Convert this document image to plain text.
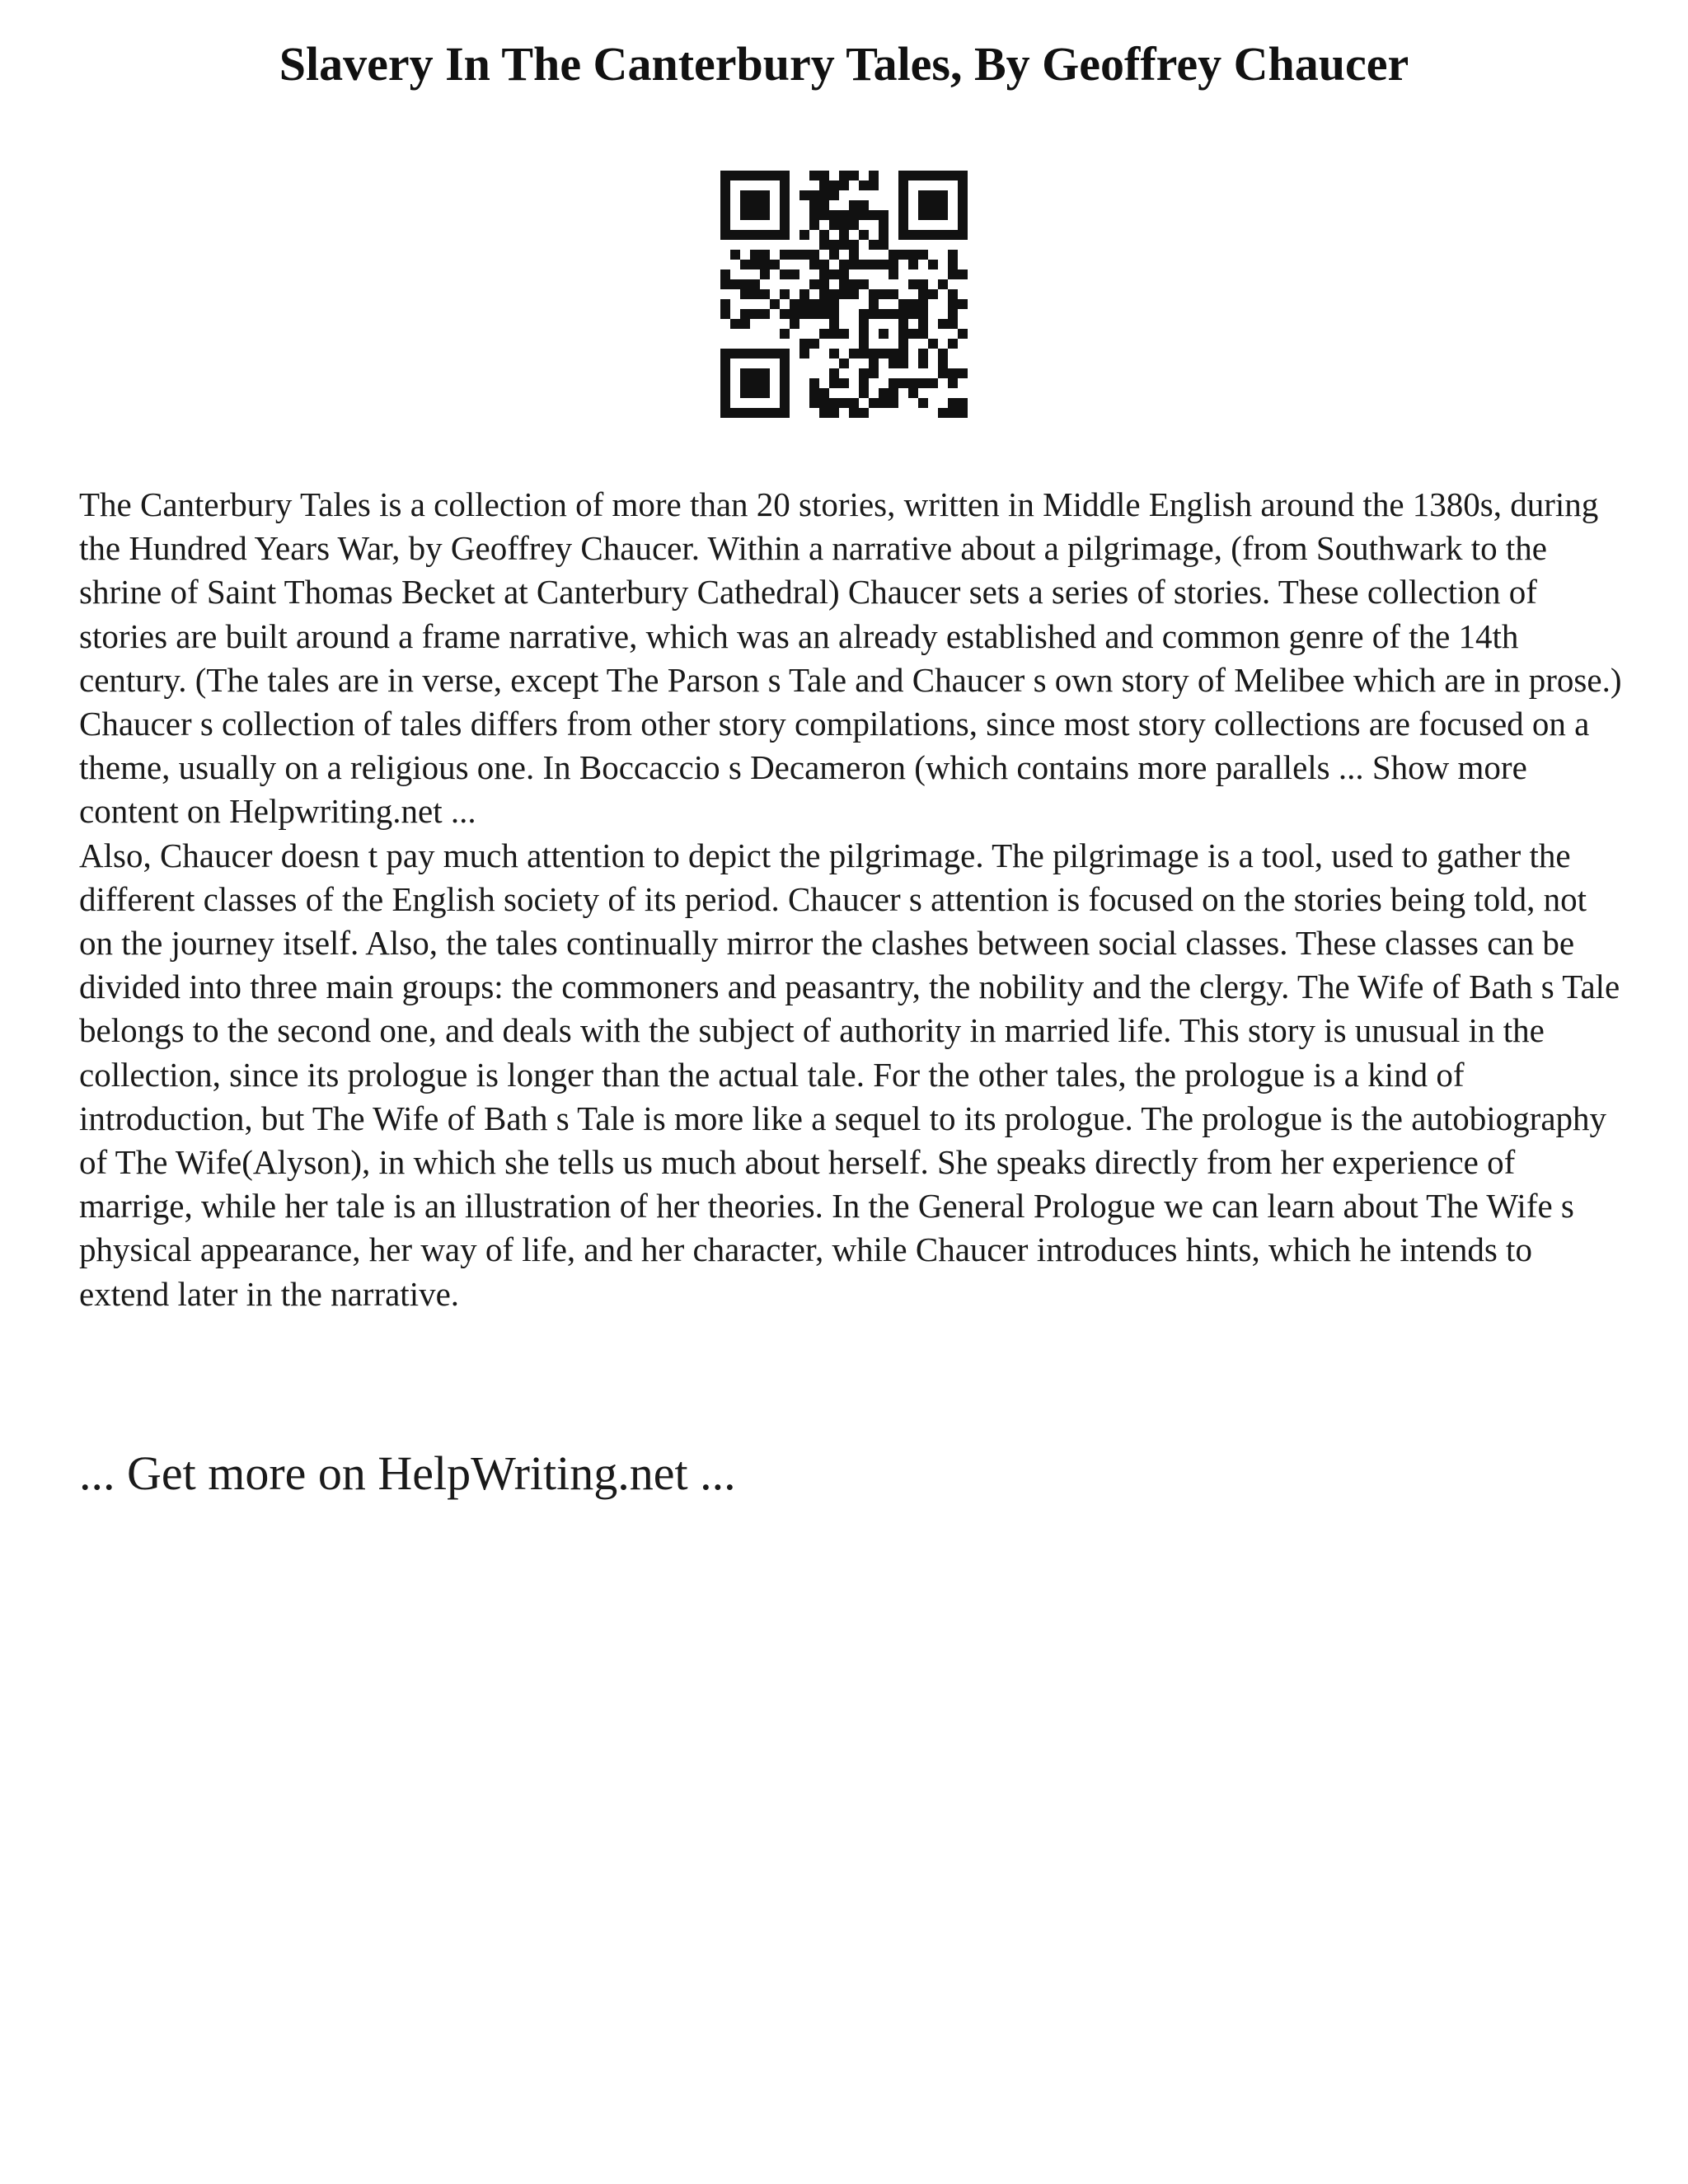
Slavery In The Canterbury Tales, By Geoffrey Chaucer

The Canterbury Tales is a collection of more than 20 stories, written in Middle English around the 1380s, during the Hundred Years War, by Geoffrey Chaucer. Within a narrative about a pilgrimage, (from Southwark to the shrine of Saint Thomas Becket at Canterbury Cathedral) Chaucer sets a series of stories. These collection of stories are built around a frame narrative, which was an already established and common genre of the 14th century. (The tales are in verse, except The Parson s Tale and Chaucer s own story of Melibee which are in prose.) Chaucer s collection of tales differs from other story compilations, since most story collections are focused on a theme, usually on a religious one. In Boccaccio s Decameron (which contains more parallels ... Show more content on Helpwriting.net ...

Also, Chaucer doesn t pay much attention to depict the pilgrimage. The pilgrimage is a tool, used to gather the different classes of the English society of its period. Chaucer s attention is focused on the stories being told, not on the journey itself. Also, the tales continually mirror the clashes between social classes. These classes can be divided into three main groups: the commoners and peasantry, the nobility and the clergy. The Wife of Bath s Tale belongs to the second one, and deals with the subject of authority in married life. This story is unusual in the collection, since its prologue is longer than the actual tale. For the other tales, the prologue is a kind of introduction, but The Wife of Bath s Tale is more like a sequel to its prologue. The prologue is the autobiography of The Wife(Alyson), in which she tells us much about herself. She speaks directly from her experience of marrige, while her tale is an illustration of her theories. In the General Prologue we can learn about The Wife s physical appearance, her way of life, and her character, while Chaucer introduces hints, which he intends to extend later in the narrative.

... Get more on HelpWriting.net ...
